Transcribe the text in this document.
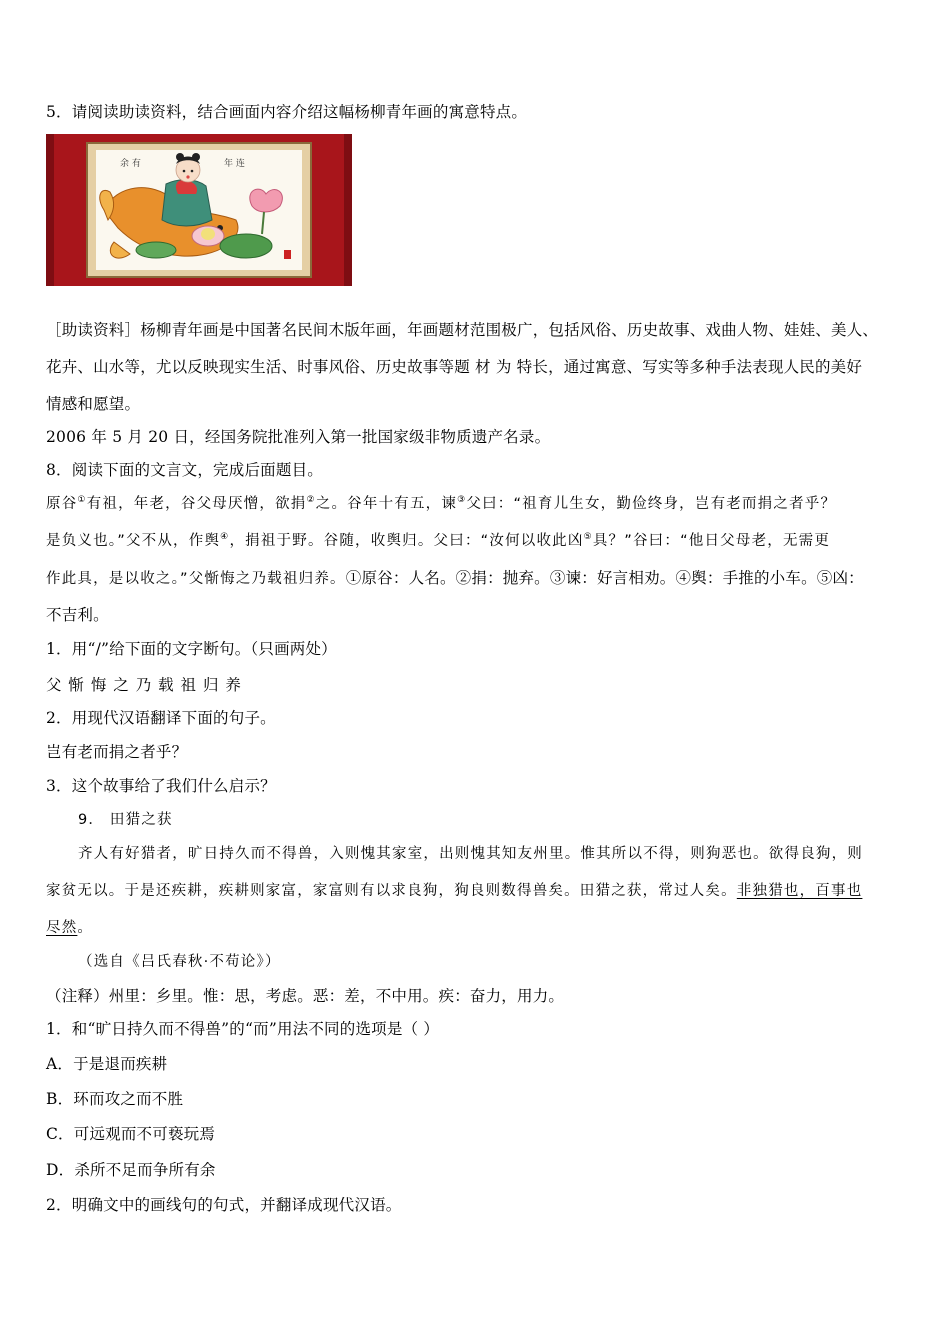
5．请阅读助读资料，结合画面内容介绍这幅杨柳青年画的寓意特点。
余 有	年 连
［助读资料］杨柳青年画是中国著名民间木版年画，年画题材范围极广，包括风俗、历史故事、戏曲人物、娃娃、美人、
花卉、山水等，尤以反映现实生活、时事风俗、历史故事等题 材 为 特长，通过寓意、写实等多种手法表现人民的美好
情感和愿望。
2006 年 5 月 20 日，经国务院批准列入第一批国家级非物质遗产名录。
8．阅读下面的文言文，完成后面题目。
原谷①有祖，年老，谷父母厌憎，欲捐②之。谷年十有五，谏③父曰：“祖育儿生女，勤俭终身，岂有老而捐之者乎？
是负义也。”父不从，作舆④，捐祖于野。谷随，收舆归。父曰：“汝何以收此凶⑤具？”谷曰：“他日父母老，无需更
作此具，是以收之。”父惭悔之乃载祖归养。①原谷：人名。②捐：抛弃。③谏：好言相劝。④舆：手推的小车。⑤凶：
不吉利。
1．用“/”给下面的文字断句。（只画两处）
父 惭 悔 之 乃 载 祖 归 养
2．用现代汉语翻译下面的句子。
岂有老而捐之者乎？
3．这个故事给了我们什么启示？
9． 田猎之获
齐人有好猎者，旷日持久而不得兽，入则愧其家室，出则愧其知友州里。惟其所以不得，则狗恶也。欲得良狗，则
家贫无以。于是还疾耕，疾耕则家富，家富则有以求良狗，狗良则数得兽矣。田猎之获，常过人矣。非独猎也，百事也
尽然。
（选自《吕氏春秋·不苟论》）
（注释）州里：乡里。惟：思，考虑。恶：差，不中用。疾：奋力，用力。
1．和“旷日持久而不得兽”的“而”用法不同的选项是（ ）
A．于是退而疾耕
B．环而攻之而不胜
C．可远观而不可亵玩焉
D．杀所不足而争所有余
2．明确文中的画线句的句式，并翻译成现代汉语。
